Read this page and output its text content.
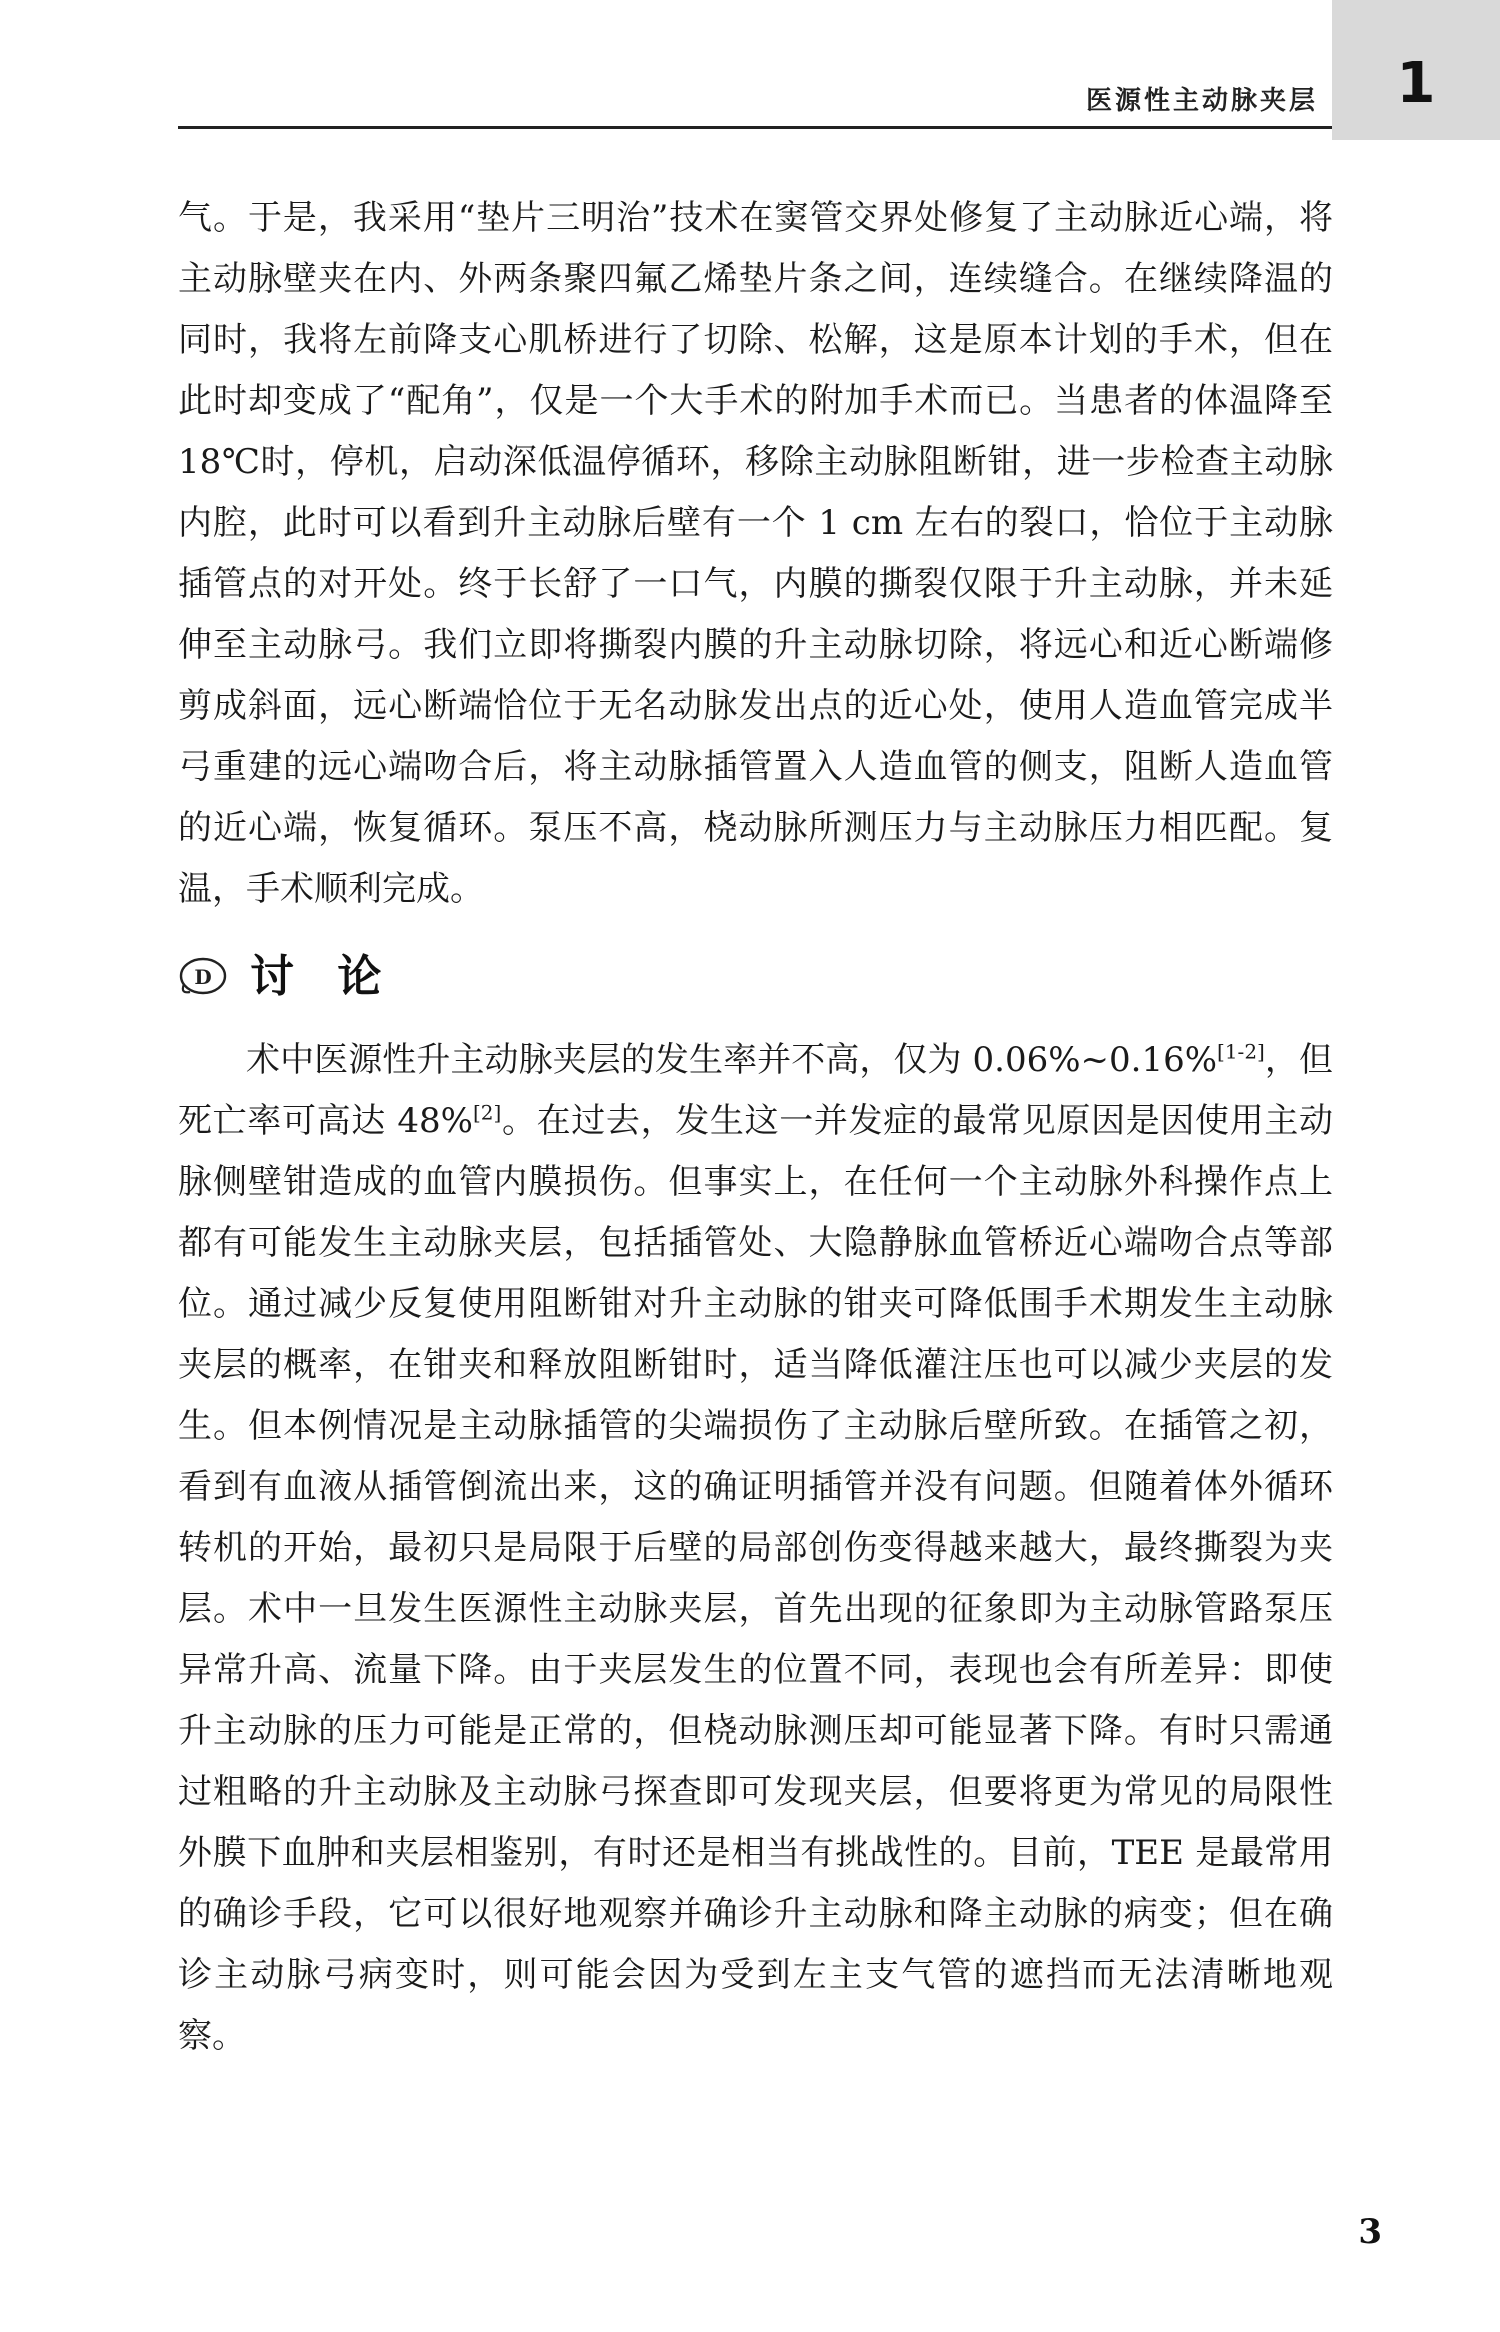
医源性主动脉夹层	1

气。于是，我采用“垫片三明治”技术在窦管交界处修复了主动脉近心端，将主动脉壁夹在内、外两条聚四氟乙烯垫片条之间，连续缝合。在继续降温的同时，我将左前降支心肌桥进行了切除、松解，这是原本计划的手术，但在此时却变成了“配角”，仅是一个大手术的附加手术而已。当患者的体温降至18℃时，停机，启动深低温停循环，移除主动脉阻断钳，进一步检查主动脉内腔，此时可以看到升主动脉后壁有一个 1 cm 左右的裂口，恰位于主动脉插管点的对开处。终于长舒了一口气，内膜的撕裂仅限于升主动脉，并未延伸至主动脉弓。我们立即将撕裂内膜的升主动脉切除，将远心和近心断端修剪成斜面，远心断端恰位于无名动脉发出点的近心处，使用人造血管完成半弓重建的远心端吻合后，将主动脉插管置入人造血管的侧支，阻断人造血管的近心端，恢复循环。泵压不高，桡动脉所测压力与主动脉压力相匹配。复温，手术顺利完成。

D 讨 论

术中医源性升主动脉夹层的发生率并不高，仅为 0.06%~0.16%[1-2]，但死亡率可高达 48%[2]。在过去，发生这一并发症的最常见原因是因使用主动脉侧壁钳造成的血管内膜损伤。但事实上，在任何一个主动脉外科操作点上都有可能发生主动脉夹层，包括插管处、大隐静脉血管桥近心端吻合点等部位。通过减少反复使用阻断钳对升主动脉的钳夹可降低围手术期发生主动脉夹层的概率，在钳夹和释放阻断钳时，适当降低灌注压也可以减少夹层的发生。但本例情况是主动脉插管的尖端损伤了主动脉后壁所致。在插管之初，看到有血液从插管倒流出来，这的确证明插管并没有问题。但随着体外循环转机的开始，最初只是局限于后壁的局部创伤变得越来越大，最终撕裂为夹层。术中一旦发生医源性主动脉夹层，首先出现的征象即为主动脉管路泵压异常升高、流量下降。由于夹层发生的位置不同，表现也会有所差异：即使升主动脉的压力可能是正常的，但桡动脉测压却可能显著下降。有时只需通过粗略的升主动脉及主动脉弓探查即可发现夹层，但要将更为常见的局限性外膜下血肿和夹层相鉴别，有时还是相当有挑战性的。目前，TEE 是最常用的确诊手段，它可以很好地观察并确诊升主动脉和降主动脉的病变；但在确诊主动脉弓病变时，则可能会因为受到左主支气管的遮挡而无法清晰地观察。

3
